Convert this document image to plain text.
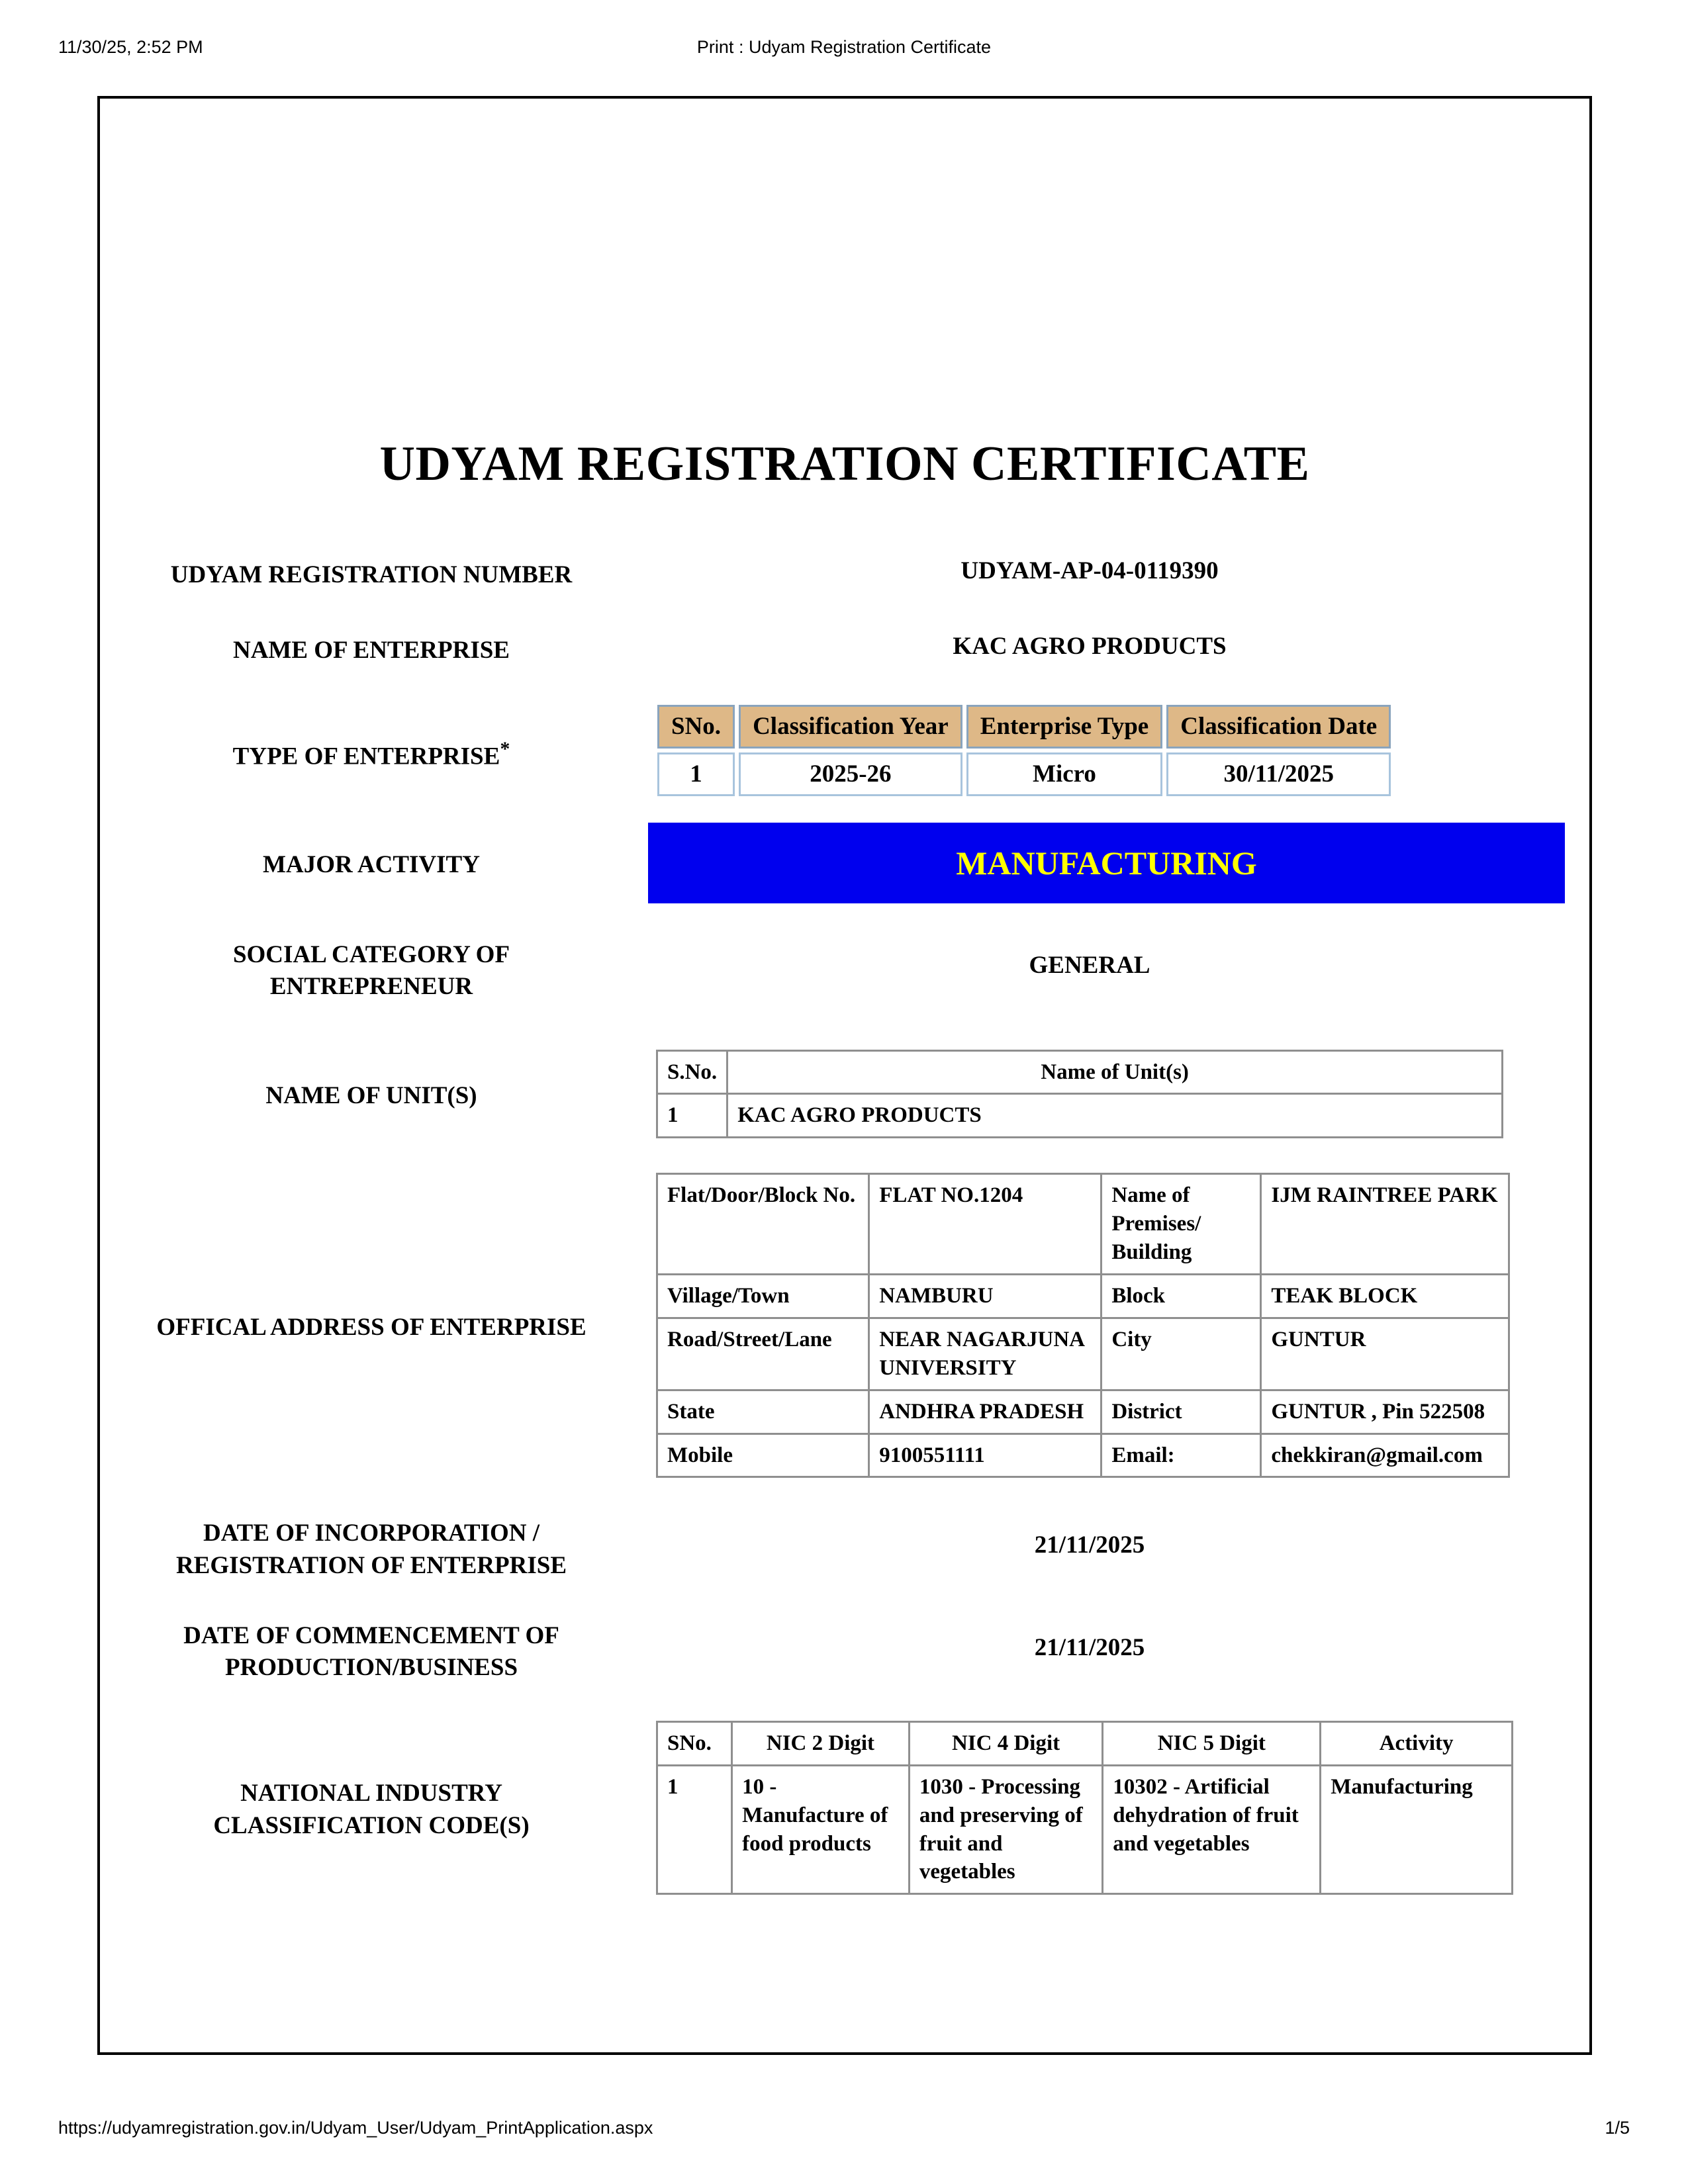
11/30/25, 2:52 PM	Print : Udyam Registration Certificate
UDYAM REGISTRATION CERTIFICATE
UDYAM REGISTRATION NUMBER	UDYAM-AP-04-0119390
NAME OF ENTERPRISE	KAC AGRO PRODUCTS
TYPE OF ENTERPRISE*
SNo.	Classification Year	Enterprise Type	Classification Date
1	2025-26	Micro	30/11/2025
MAJOR ACTIVITY	MANUFACTURING
SOCIAL CATEGORY OF
ENTREPRENEUR
GENERAL
NAME OF UNIT(S)
S.No.	Name of Unit(s)
1	KAC AGRO PRODUCTS
OFFICAL ADDRESS OF ENTERPRISE
Flat/Door/Block No.	FLAT NO.1204	Name of Premises/ Building	IJM RAINTREE PARK
Village/Town	NAMBURU	Block	TEAK BLOCK
Road/Street/Lane	NEAR NAGARJUNA UNIVERSITY	City	GUNTUR
State	ANDHRA PRADESH	District	GUNTUR , Pin 522508
Mobile	9100551111	Email:	chekkiran@gmail.com
DATE OF INCORPORATION /
REGISTRATION OF ENTERPRISE
21/11/2025
DATE OF COMMENCEMENT OF
PRODUCTION/BUSINESS
21/11/2025
NATIONAL INDUSTRY
CLASSIFICATION CODE(S)
SNo.	NIC 2 Digit	NIC 4 Digit	NIC 5 Digit	Activity
1	10 - Manufacture of food products	1030 - Processing and preserving of fruit and vegetables	10302 - Artificial dehydration of fruit and vegetables	Manufacturing
https://udyamregistration.gov.in/Udyam_User/Udyam_PrintApplication.aspx	1/5
